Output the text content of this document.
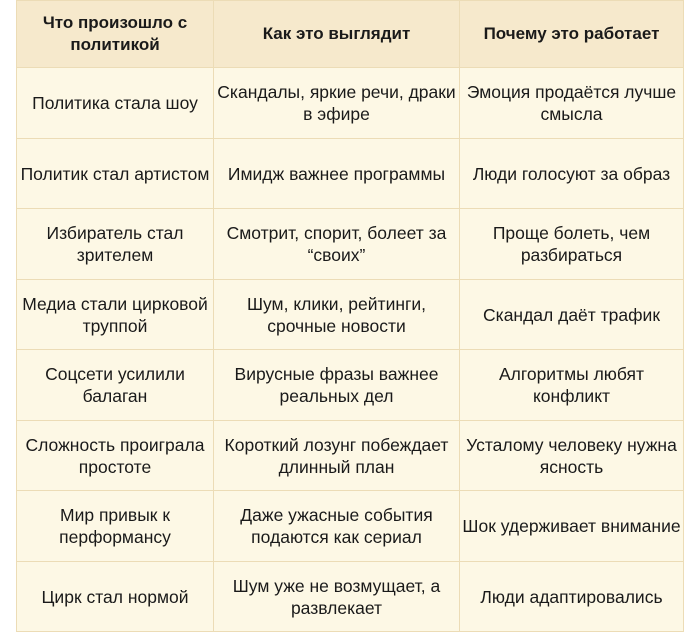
Что произошло с политикой	Как это выглядит	Почему это работает
Политика стала шоу	Скандалы, яркие речи, драки в эфире	Эмоция продаётся лучше смысла
Политик стал артистом	Имидж важнее программы	Люди голосуют за образ
Избиратель стал зрителем	Смотрит, спорит, болеет за “своих”	Проще болеть, чем разбираться
Медиа стали цирковой труппой	Шум, клики, рейтинги, срочные новости	Скандал даёт трафик
Соцсети усилили балаган	Вирусные фразы важнее реальных дел	Алгоритмы любят конфликт
Сложность проиграла простоте	Короткий лозунг побеждает длинный план	Усталому человеку нужна ясность
Мир привык к перформансу	Даже ужасные события подаются как сериал	Шок удерживает внимание
Цирк стал нормой	Шум уже не возмущает, а развлекает	Люди адаптировались
